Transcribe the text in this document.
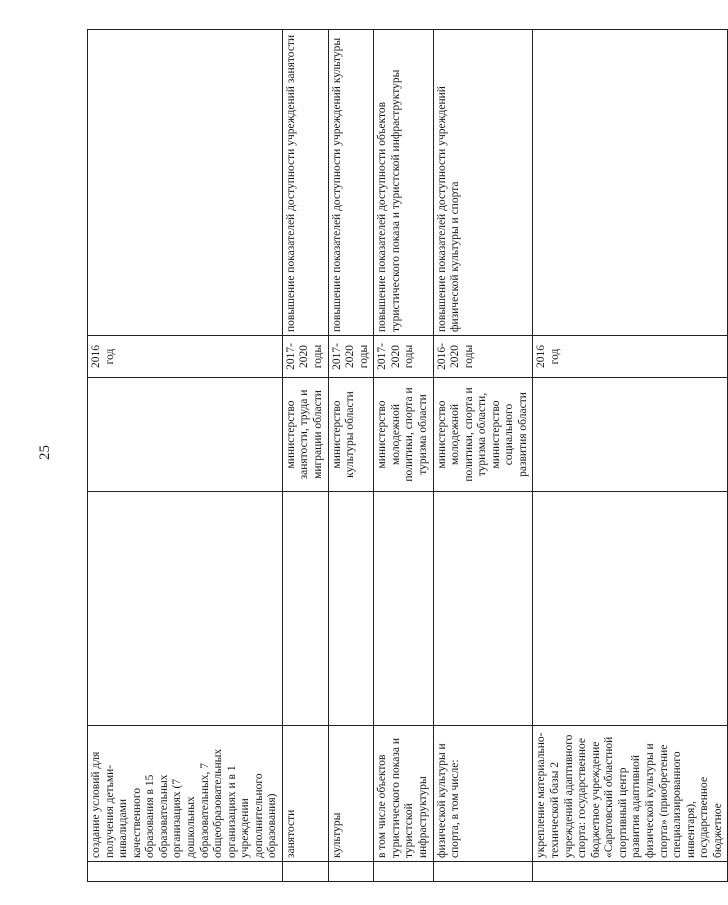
25
	создание условий для получения детьми-инвалидами качественного образования в 15 образовательных организациях (7 дошкольных образовательных, 7 общеобразовательных организациях и в 1 учреждении дополнительного образования)			2016 год	
	занятости		министерство занятости, труда и миграции области	2017-2020 годы	повышение показателей доступности учреждений занятости
	культуры		министерство культуры области	2017-2020 годы	повышение показателей доступности учреждений культуры
	в том числе объектов туристического показа и туристской инфраструктуры		министерство молодежной политики, спорта и туризма области	2017-2020 годы	повышение показателей доступности объектов туристического показа и туристской инфраструктуры
	физической культуры и спорта, в том числе:		министерство молодежной политики, спорта и туризма области, министерство социального развития области	2016-2020 годы	повышение показателей доступности учреждений физической культуры и спорта
	укрепление материально-технической базы 2 учреждений адаптивного спорта: государственное бюджетное учреждение «Саратовский областной спортивный центр развития адаптивной физической культуры и спорта» (приобретение специализированного инвентаря), государственное бюджетное			2016 год	
